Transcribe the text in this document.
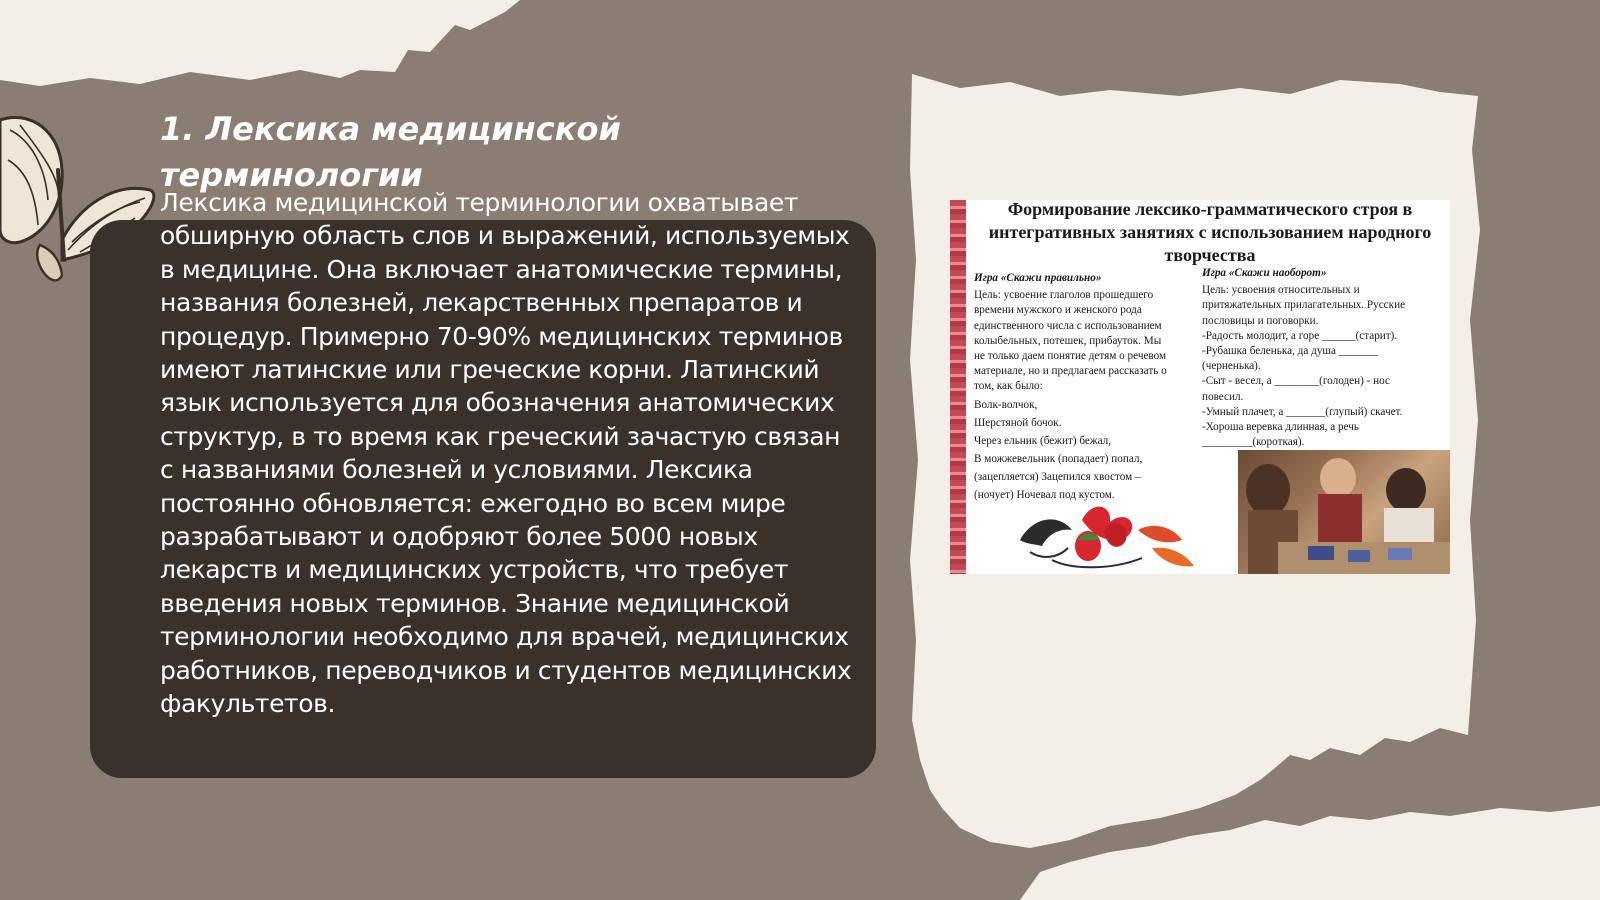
1. Лексика медицинской терминологии

Лексика медицинской терминологии охватывает обширную область слов и выражений, используемых в медицине. Она включает анатомические термины, названия болезней, лекарственных препаратов и процедур. Примерно 70-90% медицинских терминов имеют латинские или греческие корни. Латинский язык используется для обозначения анатомических структур, в то время как греческий зачастую связан с названиями болезней и условиями. Лексика постоянно обновляется: ежегодно во всем мире разрабатывают и одобряют более 5000 новых лекарств и медицинских устройств, что требует введения новых терминов. Знание медицинской терминологии необходимо для врачей, медицинских работников, переводчиков и студентов медицинских факультетов.

Формирование лексико-грамматического строя в интегративных занятиях с использованием народного творчества
Игра «Скажи правильно»
Цель: усвоение глаголов прошедшего
времени мужского и женского рода
единственного числа с использованием
колыбельных, потешек, прибауток. Мы
не только даем понятие детям о речевом
материале, но и предлагаем рассказать о
том, как было:
Волк-волчок,
Шерстяной бочок.
Через ельник (бежит) бежал,
В можжевельник (попадает) попал,
(зацепляется) Зацепился хвостом –
(ночует) Ночевал под кустом.
Игра «Скажи наоборот»
Цель: усвоения относительных и
притяжательных прилагательных. Русские
пословицы и поговорки.
-Радость молодит, а горе ______(старит).
-Рубашка беленька, да душа _______
(черненька).
-Сыт - весел, а ________(голоден) - нос
повесил.
-Умный плачет, а _______(глупый) скачет.
-Хороша веревка длинная, а речь
_________(короткая).
